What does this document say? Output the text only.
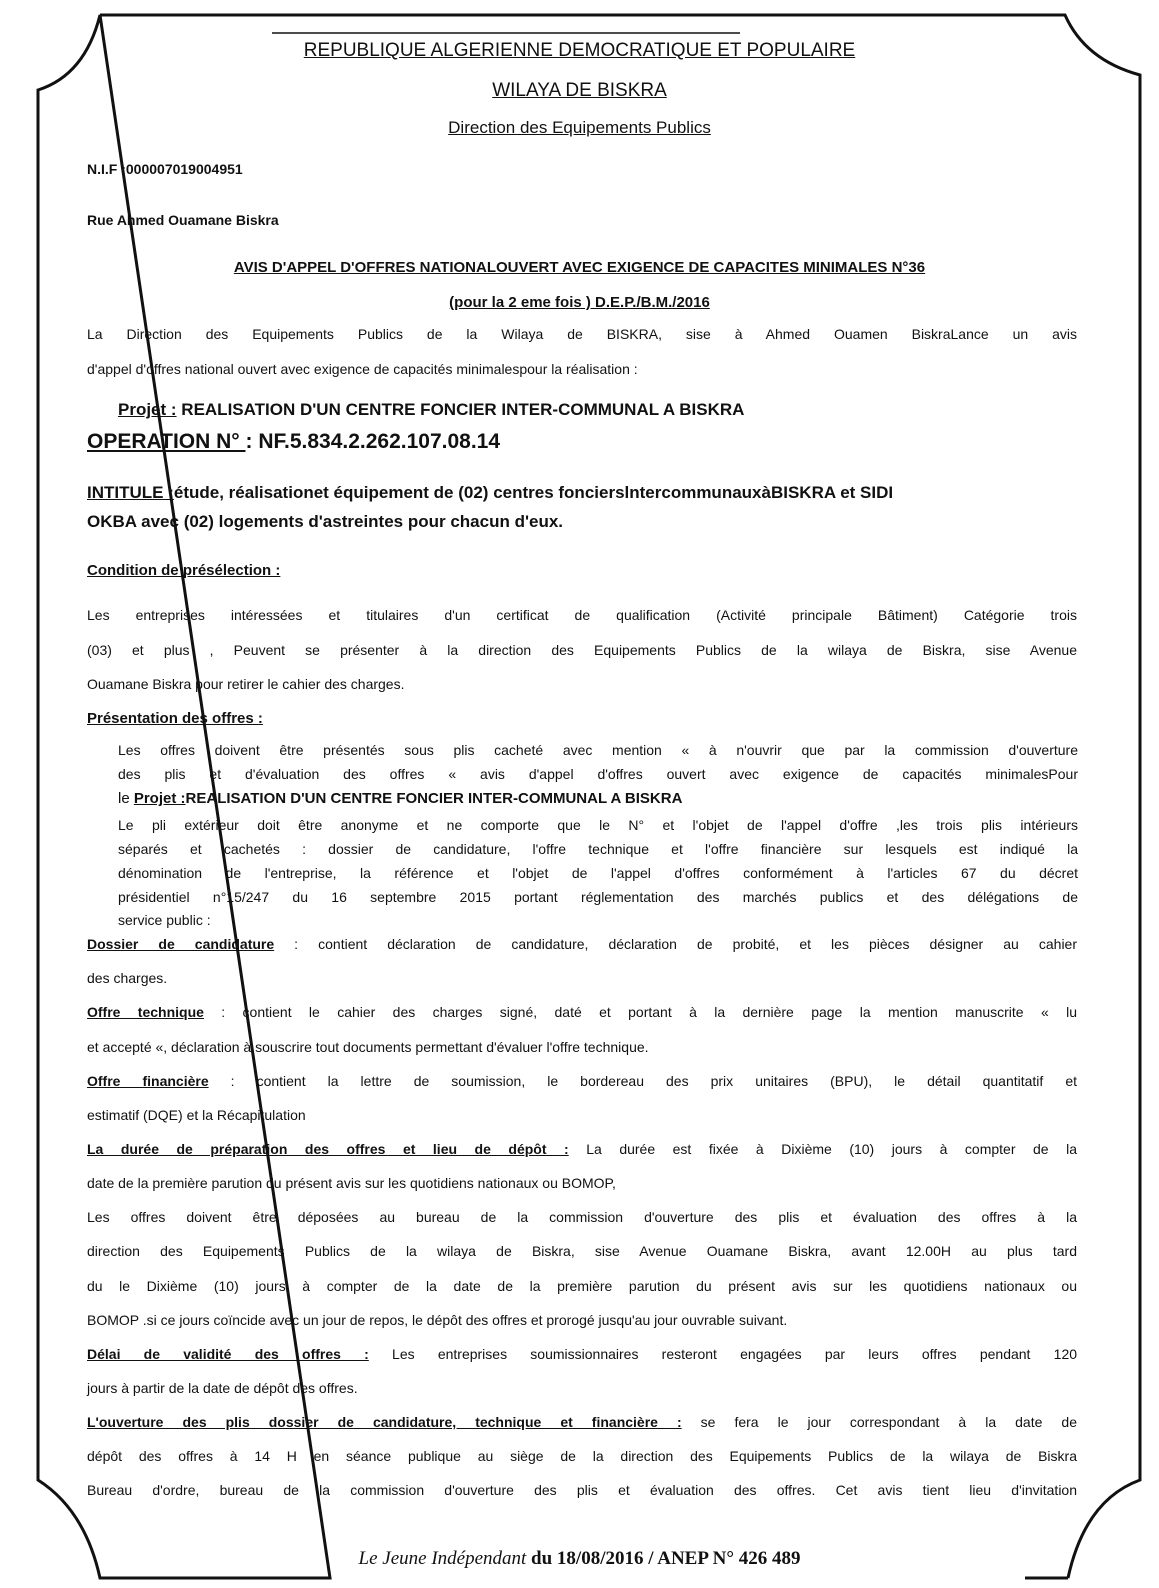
REPUBLIQUE ALGERIENNE DEMOCRATIQUE ET POPULAIRE
WILAYA DE BISKRA
Direction des Equipements Publics
N.I.F :000007019004951
Rue Ahmed Ouamane Biskra
AVIS D'APPEL D'OFFRES NATIONALOUVERT AVEC EXIGENCE DE CAPACITES MINIMALES N°36
(pour la 2 eme fois ) D.E.P./B.M./2016
La Direction des Equipements Publics de la Wilaya de BISKRA, sise à Ahmed Ouamen BiskraLance un avis
d'appel d'offres national ouvert avec exigence de capacités minimalespour la réalisation :
Projet : REALISATION D'UN CENTRE FONCIER INTER-COMMUNAL A BISKRA
OPERATION N° : NF.5.834.2.262.107.08.14
INTITULE :étude, réalisationet équipement de (02) centres foncierslntercommunauxàBISKRA et SIDI
OKBA avec (02) logements d'astreintes pour chacun d'eux.
Condition de présélection :
Les entreprises intéressées et titulaires d'un certificat de qualification (Activité principale Bâtiment) Catégorie trois
(03) et plus , Peuvent se présenter à la direction des Equipements Publics de la wilaya de Biskra, sise Avenue
Ouamane Biskra pour retirer le cahier des charges.
Présentation des offres :
Les offres doivent être présentés sous plis cacheté avec mention « à n'ouvrir que par la commission d'ouverture
des plis et d'évaluation des offres « avis d'appel d'offres ouvert avec exigence de capacités minimalesPour
le Projet :REALISATION D'UN CENTRE FONCIER INTER-COMMUNAL A BISKRA
Le pli extérieur doit être anonyme et ne comporte que le N° et l'objet de l'appel d'offre ,les trois plis intérieurs
séparés et cachetés : dossier de candidature, l'offre technique et l'offre financière sur lesquels est indiqué la
dénomination de l'entreprise, la référence et l'objet de l'appel d'offres conformément à l'articles 67 du décret
présidentiel n°15/247 du 16 septembre 2015 portant réglementation des marchés publics et des délégations de
service public :
Dossier de candidature : contient déclaration de candidature, déclaration de probité, et les pièces désigner au cahier
des charges.
Offre technique : contient le cahier des charges signé, daté et portant à la dernière page la mention manuscrite « lu
et accepté «, déclaration à souscrire tout documents permettant d'évaluer l'offre technique.
Offre financière : contient la lettre de soumission, le bordereau des prix unitaires (BPU), le détail quantitatif et
estimatif (DQE) et la Récapitulation
La durée de préparation des offres et lieu de dépôt : La durée est fixée à Dixième (10) jours à compter de la
date de la première parution du présent avis sur les quotidiens nationaux ou BOMOP,
Les offres doivent être déposées au bureau de la commission d'ouverture des plis et évaluation des offres à la
direction des Equipements Publics de la wilaya de Biskra, sise Avenue Ouamane Biskra, avant 12.00H au plus tard
du le Dixième (10) jours à compter de la date de la première parution du présent avis sur les quotidiens nationaux ou
BOMOP .si ce jours coïncide avec un jour de repos, le dépôt des offres et prorogé jusqu'au jour ouvrable suivant.
Délai de validité des offres : Les entreprises soumissionnaires resteront engagées par leurs offres pendant 120
jours à partir de la date de dépôt des offres.
L'ouverture des plis dossier de candidature, technique et financière : se fera le jour correspondant à la date de
dépôt des offres à 14 H en séance publique au siège de la direction des Equipements Publics de la wilaya de Biskra
Bureau d'ordre, bureau de la commission d'ouverture des plis et évaluation des offres. Cet avis tient lieu d'invitation
Le Jeune Indépendant du 18/08/2016 / ANEP N° 426 489
